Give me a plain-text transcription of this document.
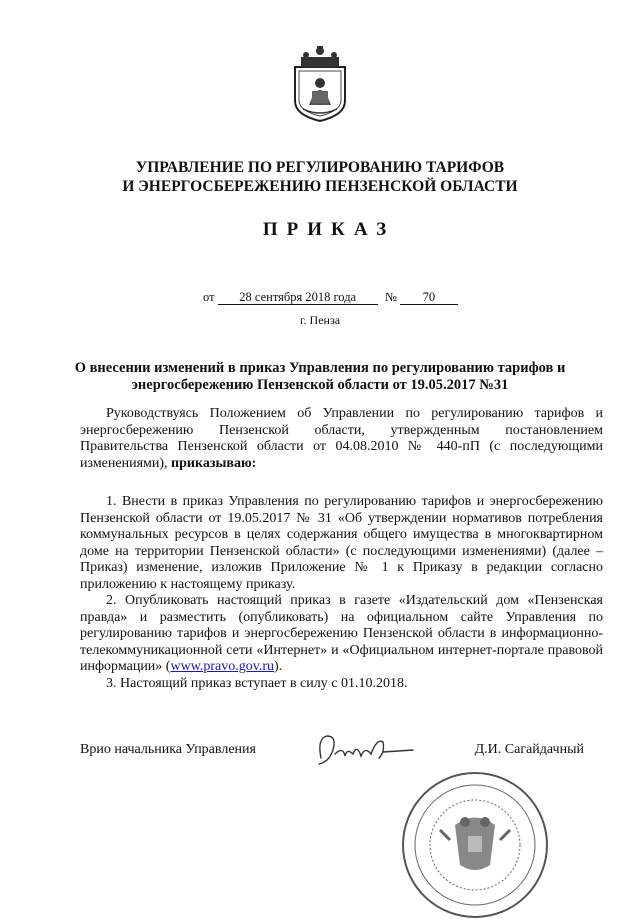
УПРАВЛЕНИЕ ПО РЕГУЛИРОВАНИЮ ТАРИФОВ
И ЭНЕРГОСБЕРЕЖЕНИЮ ПЕНЗЕНСКОЙ ОБЛАСТИ
ПРИКАЗ
от 28 сентября 2018 года № 70
г. Пенза
О внесении изменений в приказ Управления по регулированию тарифов и
энергосбережению Пензенской области от 19.05.2017 №31

Руководствуясь Положением об Управлении по регулированию тарифов и энергосбережению Пензенской области, утвержденным постановлением Правительства Пензенской области от 04.08.2010 № 440-пП (с последующими изменениями), приказываю:

1. Внести в приказ Управления по регулированию тарифов и энергосбережению Пензенской области от 19.05.2017 № 31 «Об утверждении нормативов потребления коммунальных ресурсов в целях содержания общего имущества в многоквартирном доме на территории Пензенской области» (с последующими изменениями) (далее – Приказ) изменение, изложив Приложение № 1 к Приказу в редакции согласно приложению к настоящему приказу.

2. Опубликовать настоящий приказ в газете «Издательский дом «Пензенская правда» и разместить (опубликовать) на официальном сайте Управления по регулированию тарифов и энергосбережению Пензенской области в информационно-телекоммуникационной сети «Интернет» и «Официальном интернет-портале правовой информации» (www.pravo.gov.ru).

3. Настоящий приказ вступает в силу с 01.10.2018.

Врио начальника Управления	Д.И. Сагайдачный
